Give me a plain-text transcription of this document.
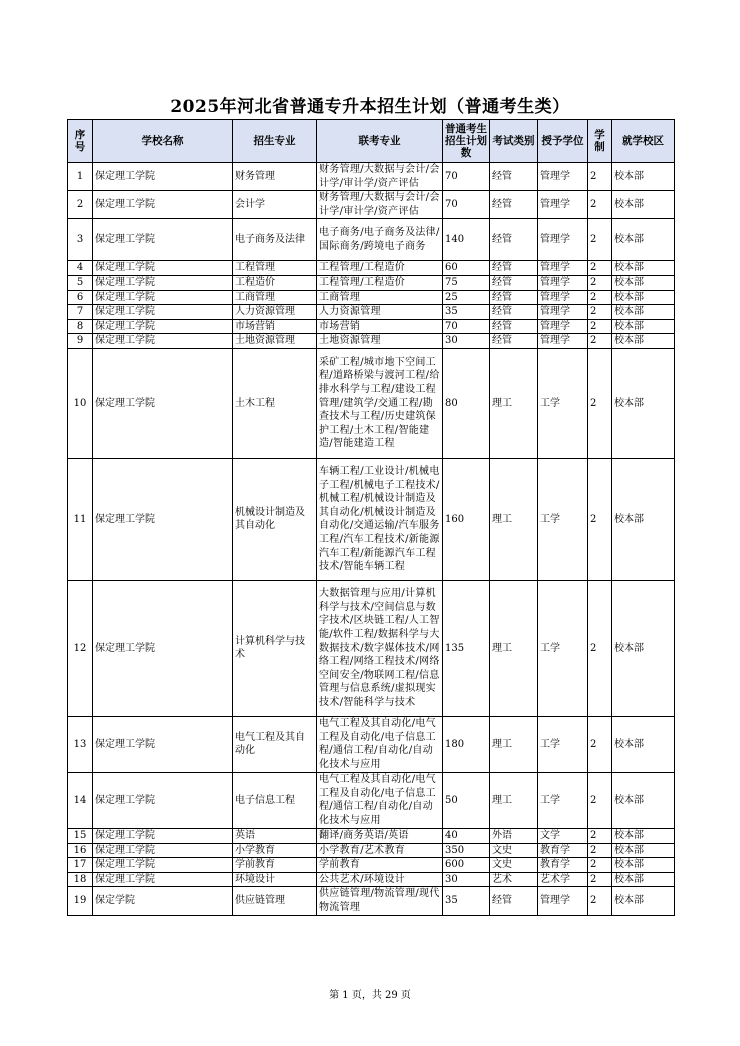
2025年河北省普通专升本招生计划（普通考生类）
序号	学校名称	招生专业	联考专业	普通考生招生计划数	考试类别	授予学位	学制	就学校区
1	保定理工学院	财务管理	财务管理/大数据与会计/会计学/审计学/资产评估	70	经管	管理学	2	校本部
2	保定理工学院	会计学	财务管理/大数据与会计/会计学/审计学/资产评估	70	经管	管理学	2	校本部
3	保定理工学院	电子商务及法律	电子商务/电子商务及法律/国际商务/跨境电子商务	140	经管	管理学	2	校本部
4	保定理工学院	工程管理	工程管理/工程造价	60	经管	管理学	2	校本部
5	保定理工学院	工程造价	工程管理/工程造价	75	经管	管理学	2	校本部
6	保定理工学院	工商管理	工商管理	25	经管	管理学	2	校本部
7	保定理工学院	人力资源管理	人力资源管理	35	经管	管理学	2	校本部
8	保定理工学院	市场营销	市场营销	70	经管	管理学	2	校本部
9	保定理工学院	土地资源管理	土地资源管理	30	经管	管理学	2	校本部
10	保定理工学院	土木工程	采矿工程/城市地下空间工程/道路桥梁与渡河工程/给排水科学与工程/建设工程管理/建筑学/交通工程/勘查技术与工程/历史建筑保护工程/土木工程/智能建造/智能建造工程	80	理工	工学	2	校本部
11	保定理工学院	机械设计制造及其自动化	车辆工程/工业设计/机械电子工程/机械电子工程技术/机械工程/机械设计制造及其自动化/机械设计制造及自动化/交通运输/汽车服务工程/汽车工程技术/新能源汽车工程/新能源汽车工程技术/智能车辆工程	160	理工	工学	2	校本部
12	保定理工学院	计算机科学与技术	大数据管理与应用/计算机科学与技术/空间信息与数字技术/区块链工程/人工智能/软件工程/数据科学与大数据技术/数字媒体技术/网络工程/网络工程技术/网络空间安全/物联网工程/信息管理与信息系统/虚拟现实技术/智能科学与技术	135	理工	工学	2	校本部
13	保定理工学院	电气工程及其自动化	电气工程及其自动化/电气工程及自动化/电子信息工程/通信工程/自动化/自动化技术与应用	180	理工	工学	2	校本部
14	保定理工学院	电子信息工程	电气工程及其自动化/电气工程及自动化/电子信息工程/通信工程/自动化/自动化技术与应用	50	理工	工学	2	校本部
15	保定理工学院	英语	翻译/商务英语/英语	40	外语	文学	2	校本部
16	保定理工学院	小学教育	小学教育/艺术教育	350	文史	教育学	2	校本部
17	保定理工学院	学前教育	学前教育	600	文史	教育学	2	校本部
18	保定理工学院	环境设计	公共艺术/环境设计	30	艺术	艺术学	2	校本部
19	保定学院	供应链管理	供应链管理/物流管理/现代物流管理	35	经管	管理学	2	校本部
第 1 页，共 29 页
